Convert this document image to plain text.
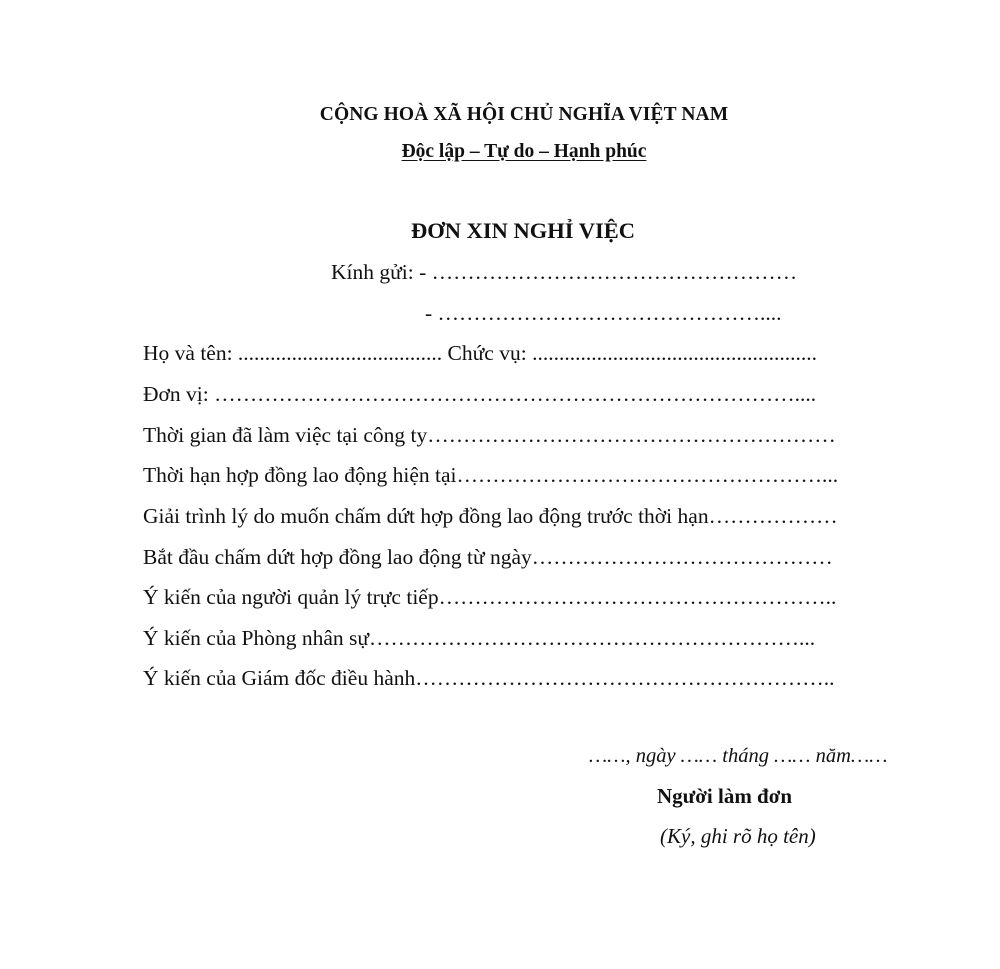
CỘNG HOÀ XÃ HỘI CHỦ NGHĨA VIỆT NAM
Độc lập – Tự do – Hạnh phúc
ĐƠN XIN NGHỈ VIỆC
Kính gửi: - ……………………………………………
- ………………………………………....
Họ và tên: ...................................... Chức vụ: .....................................................
Đơn vị: ………………………………………………………………………....
Thời gian đã làm việc tại công ty…………………………………………………
Thời hạn hợp đồng lao động hiện tại……………………………………………...
Giải trình lý do muốn chấm dứt hợp đồng lao động trước thời hạn………………
Bắt đầu chấm dứt hợp đồng lao động từ ngày……………………………………
Ý kiến của người quản lý trực tiếp………………………………………………..
Ý kiến của Phòng nhân sự……………………………………………………...
Ý kiến của Giám đốc điều hành…………………………………………………..
……, ngày …… tháng …… năm……
Người làm đơn
(Ký, ghi rõ họ tên)
